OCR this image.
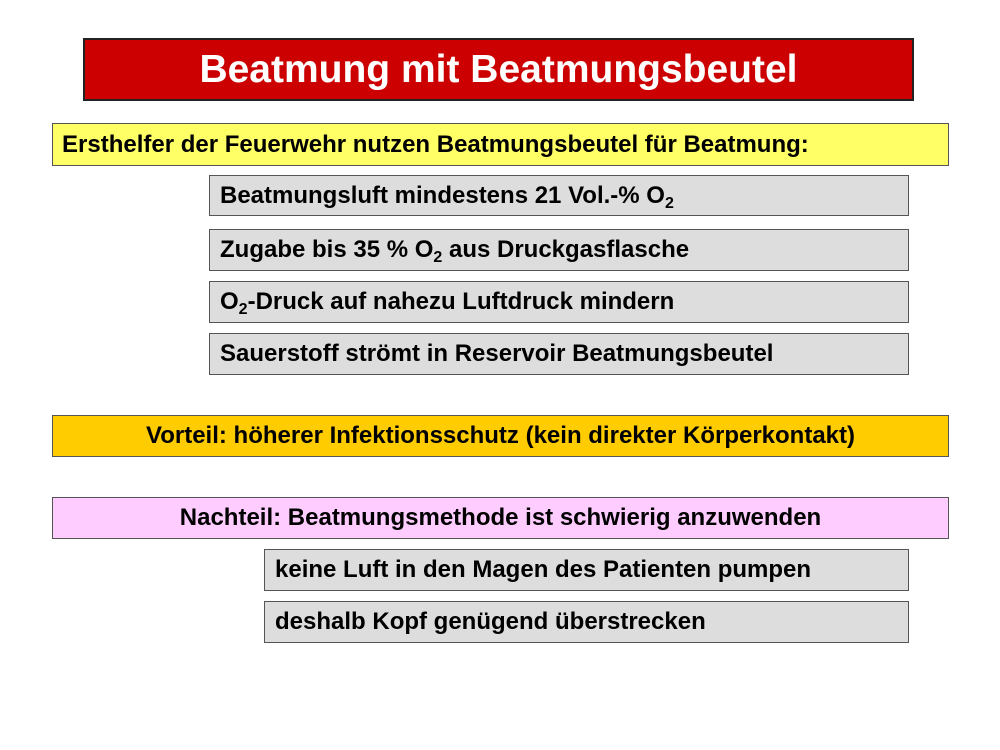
Beatmung mit Beatmungsbeutel
Ersthelfer der Feuerwehr nutzen Beatmungsbeutel für Beatmung:
Beatmungsluft mindestens 21 Vol.-% $O_2$
Zugabe bis 35 % $O_2$ aus Druckgasflasche
$O_2$-Druck auf nahezu Luftdruck mindern
Sauerstoff strömt in Reservoir Beatmungsbeutel
Vorteil: höherer Infektionsschutz (kein direkter Körperkontakt)
Nachteil: Beatmungsmethode ist schwierig anzuwenden
keine Luft in den Magen des Patienten pumpen
deshalb Kopf genügend überstrecken
